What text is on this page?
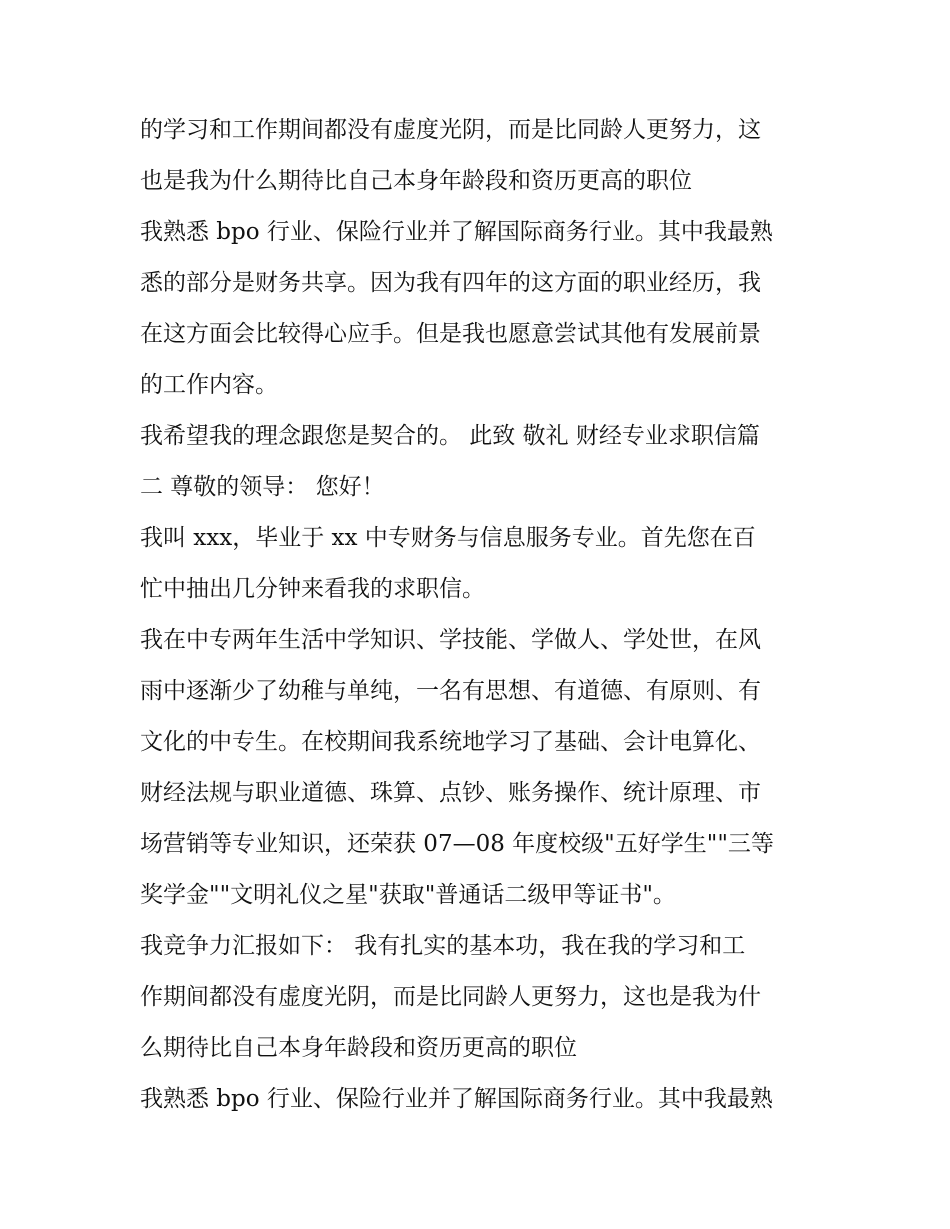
的学习和工作期间都没有虚度光阴，而是比同龄人更努力，这
也是我为什么期待比自己本身年龄段和资历更高的职位
我熟悉 bpo 行业、保险行业并了解国际商务行业。其中我最熟
悉的部分是财务共享。因为我有四年的这方面的职业经历，我
在这方面会比较得心应手。但是我也愿意尝试其他有发展前景
的工作内容。
我希望我的理念跟您是契合的。 此致 敬礼 财经专业求职信篇
二 尊敬的领导： 您好！
我叫 xxx，毕业于 xx 中专财务与信息服务专业。首先您在百
忙中抽出几分钟来看我的求职信。
我在中专两年生活中学知识、学技能、学做人、学处世，在风
雨中逐渐少了幼稚与单纯，一名有思想、有道德、有原则、有
文化的中专生。在校期间我系统地学习了基础、会计电算化、
财经法规与职业道德、珠算、点钞、账务操作、统计原理、市
场营销等专业知识，还荣获 07—08 年度校级"五好学生""三等
奖学金""文明礼仪之星"获取"普通话二级甲等证书"。
我竞争力汇报如下： 我有扎实的基本功，我在我的学习和工
作期间都没有虚度光阴，而是比同龄人更努力，这也是我为什
么期待比自己本身年龄段和资历更高的职位
我熟悉 bpo 行业、保险行业并了解国际商务行业。其中我最熟
